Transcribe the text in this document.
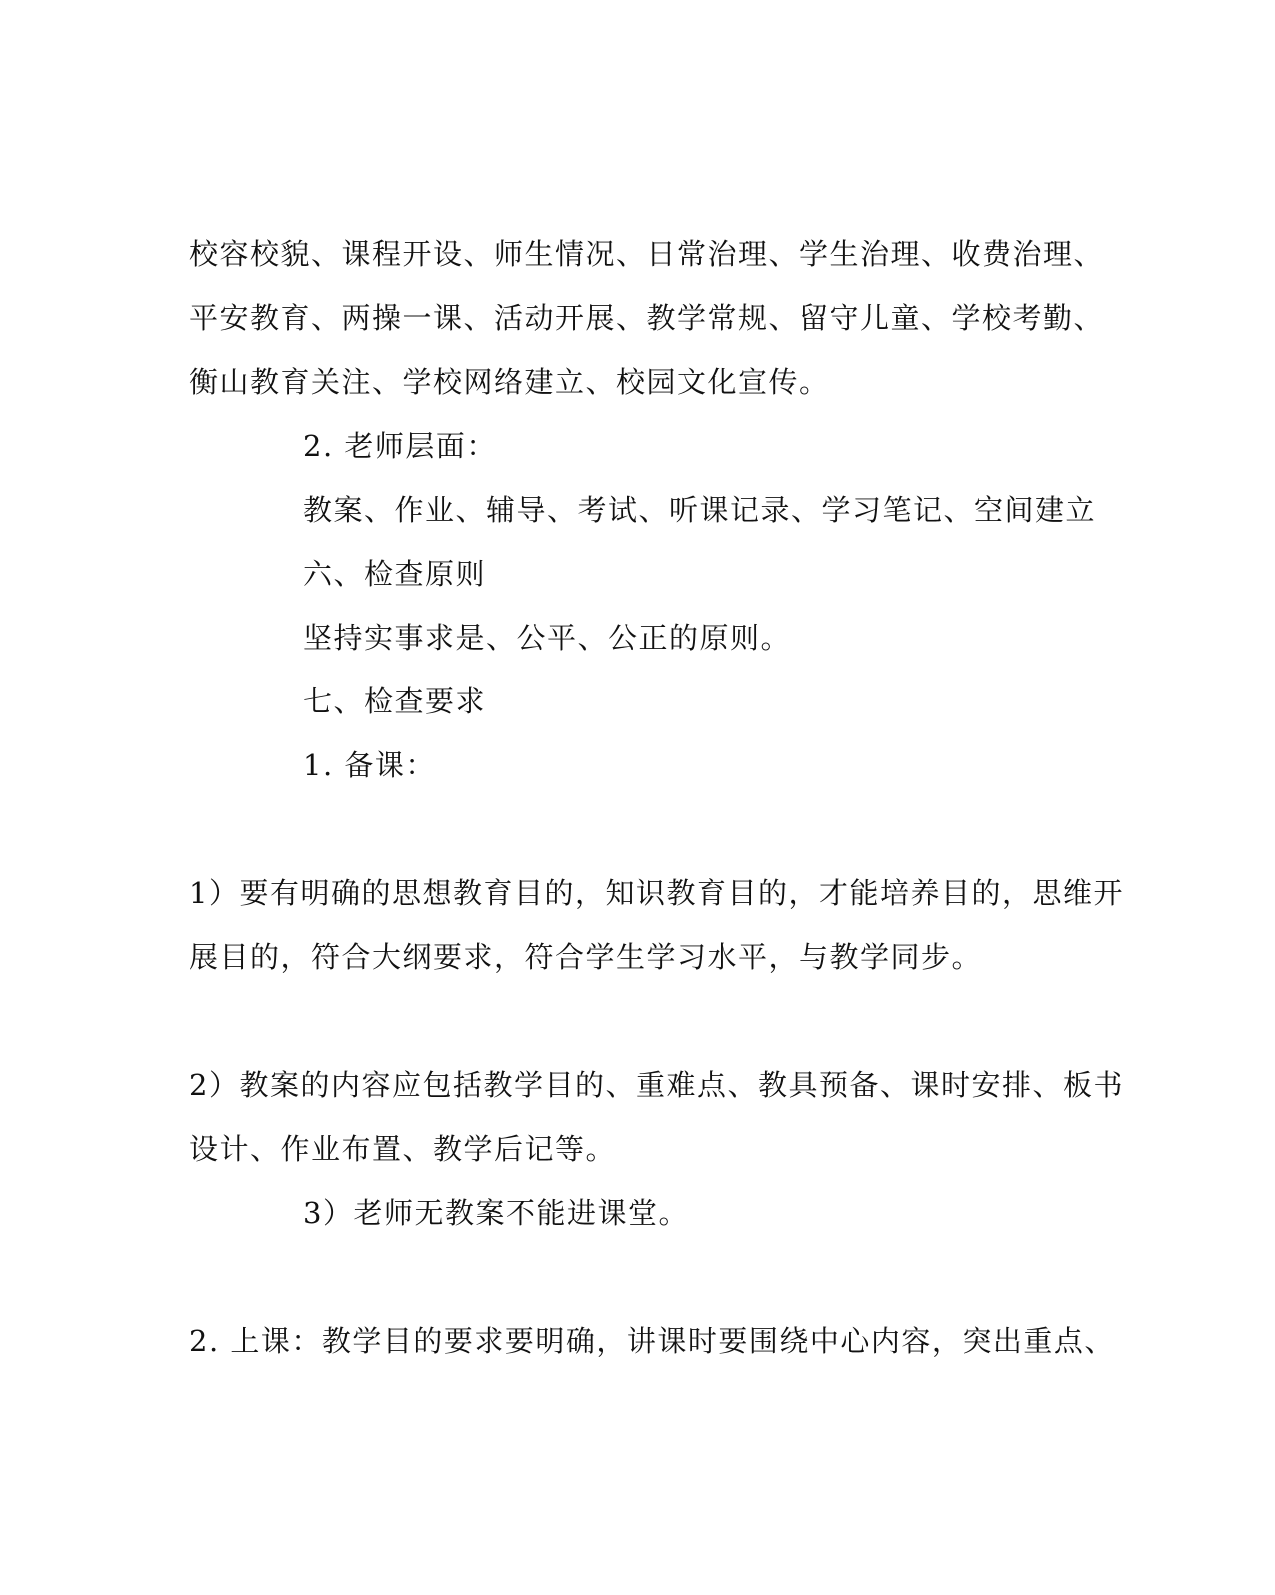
校容校貌、课程开设、师生情况、日常治理、学生治理、收费治理、
平安教育、两操一课、活动开展、教学常规、留守儿童、学校考勤、
衡山教育关注、学校网络建立、校园文化宣传。
2. 老师层面：
教案、作业、辅导、考试、听课记录、学习笔记、空间建立
六、检查原则
坚持实事求是、公平、公正的原则。
七、检查要求
1. 备课：
1）要有明确的思想教育目的，知识教育目的，才能培养目的，思维开
展目的，符合大纲要求，符合学生学习水平，与教学同步。
2）教案的内容应包括教学目的、重难点、教具预备、课时安排、板书
设计、作业布置、教学后记等。
3）老师无教案不能进课堂。
2. 上课：教学目的要求要明确，讲课时要围绕中心内容，突出重点、
